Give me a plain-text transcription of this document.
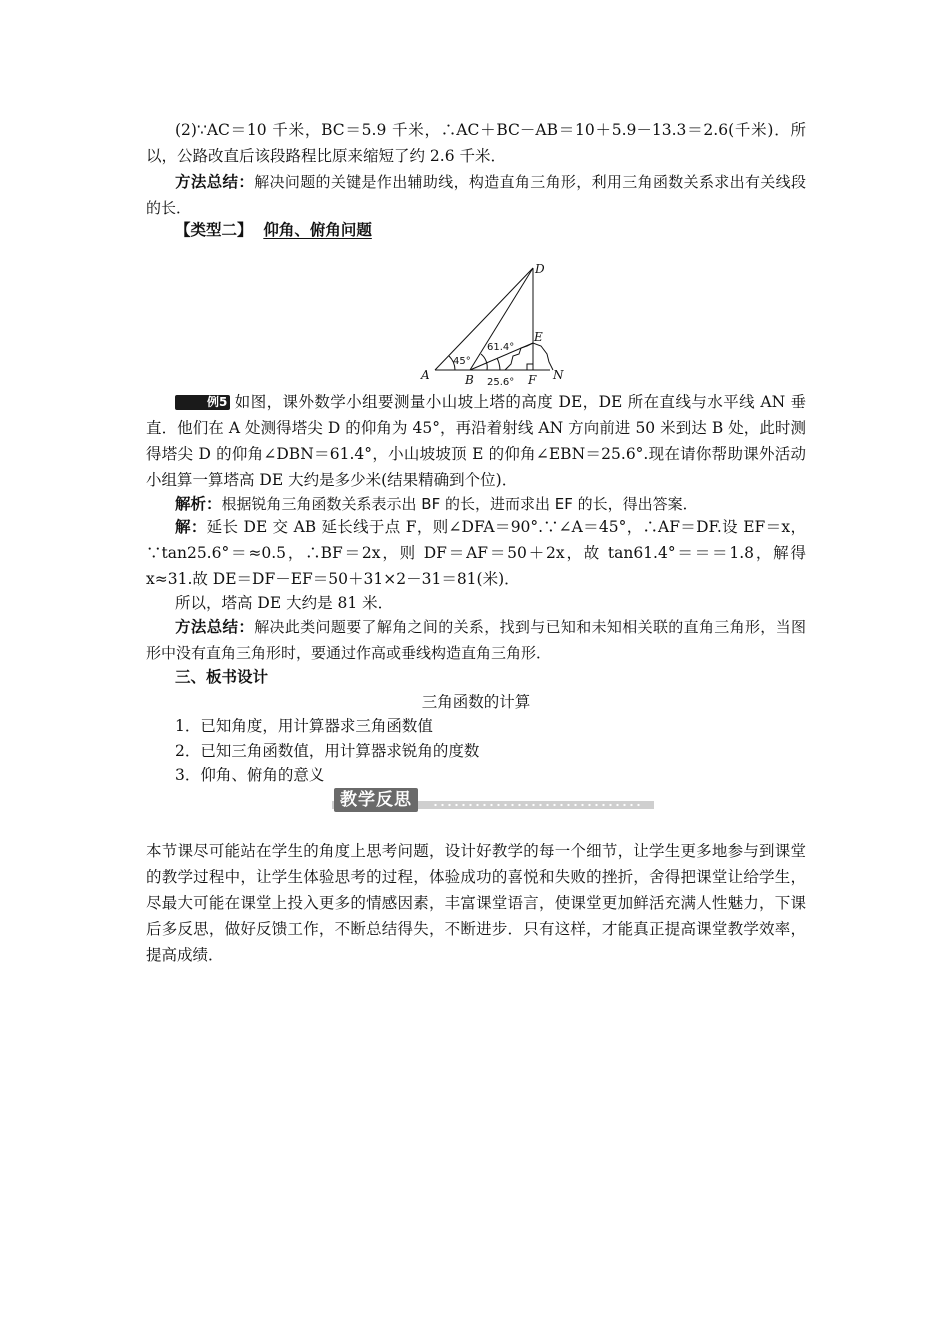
(2)∵AC＝10 千米，BC＝5.9 千米，∴AC＋BC－AB＝10＋5.9－13.3＝2.6(千米)．所以，公路改直后该段路程比原来缩短了约 2.6 千米．

方法总结：解决问题的关键是作出辅助线，构造直角三角形，利用三角函数关系求出有关线段的长．

【类型二】 仰角、俯角问题

A	B
D
E
F N
45°
61.4°
25.6°

例5 如图，课外数学小组要测量小山坡上塔的高度 DE，DE 所在直线与水平线 AN 垂直．他们在 A 处测得塔尖 D 的仰角为 45°，再沿着射线 AN 方向前进 50 米到达 B 处，此时测得塔尖 D 的仰角∠DBN＝61.4°，小山坡坡顶 E 的仰角∠EBN＝25.6°.现在请你帮助课外活动小组算一算塔高 DE 大约是多少米(结果精确到个位)．

解析：根据锐角三角函数关系表示出 BF 的长，进而求出 EF 的长，得出答案．

解：延长 DE 交 AB 延长线于点 F，则∠DFA＝90°.∵∠A＝45°，∴AF＝DF.设 EF＝x，∵tan25.6°＝≈0.5，∴BF＝2x，则 DF＝AF＝50＋2x，故 tan61.4°＝＝＝1.8，解得 x≈31.故 DE＝DF－EF＝50＋31×2－31＝81(米)．

所以，塔高 DE 大约是 81 米．

方法总结：解决此类问题要了解角之间的关系，找到与已知和未知相关联的直角三角形，当图形中没有直角三角形时，要通过作高或垂线构造直角三角形．

三、板书设计

三角函数的计算

1．已知角度，用计算器求三角函数值

2．已知三角函数值，用计算器求锐角的度数

3．仰角、俯角的意义

教学反思

本节课尽可能站在学生的角度上思考问题，设计好教学的每一个细节，让学生更多地参与到课堂的教学过程中，让学生体验思考的过程，体验成功的喜悦和失败的挫折，舍得把课堂让给学生，尽最大可能在课堂上投入更多的情感因素，丰富课堂语言，使课堂更加鲜活充满人性魅力，下课后多反思，做好反馈工作，不断总结得失，不断进步．只有这样，才能真正提高课堂教学效率，提高成绩．
